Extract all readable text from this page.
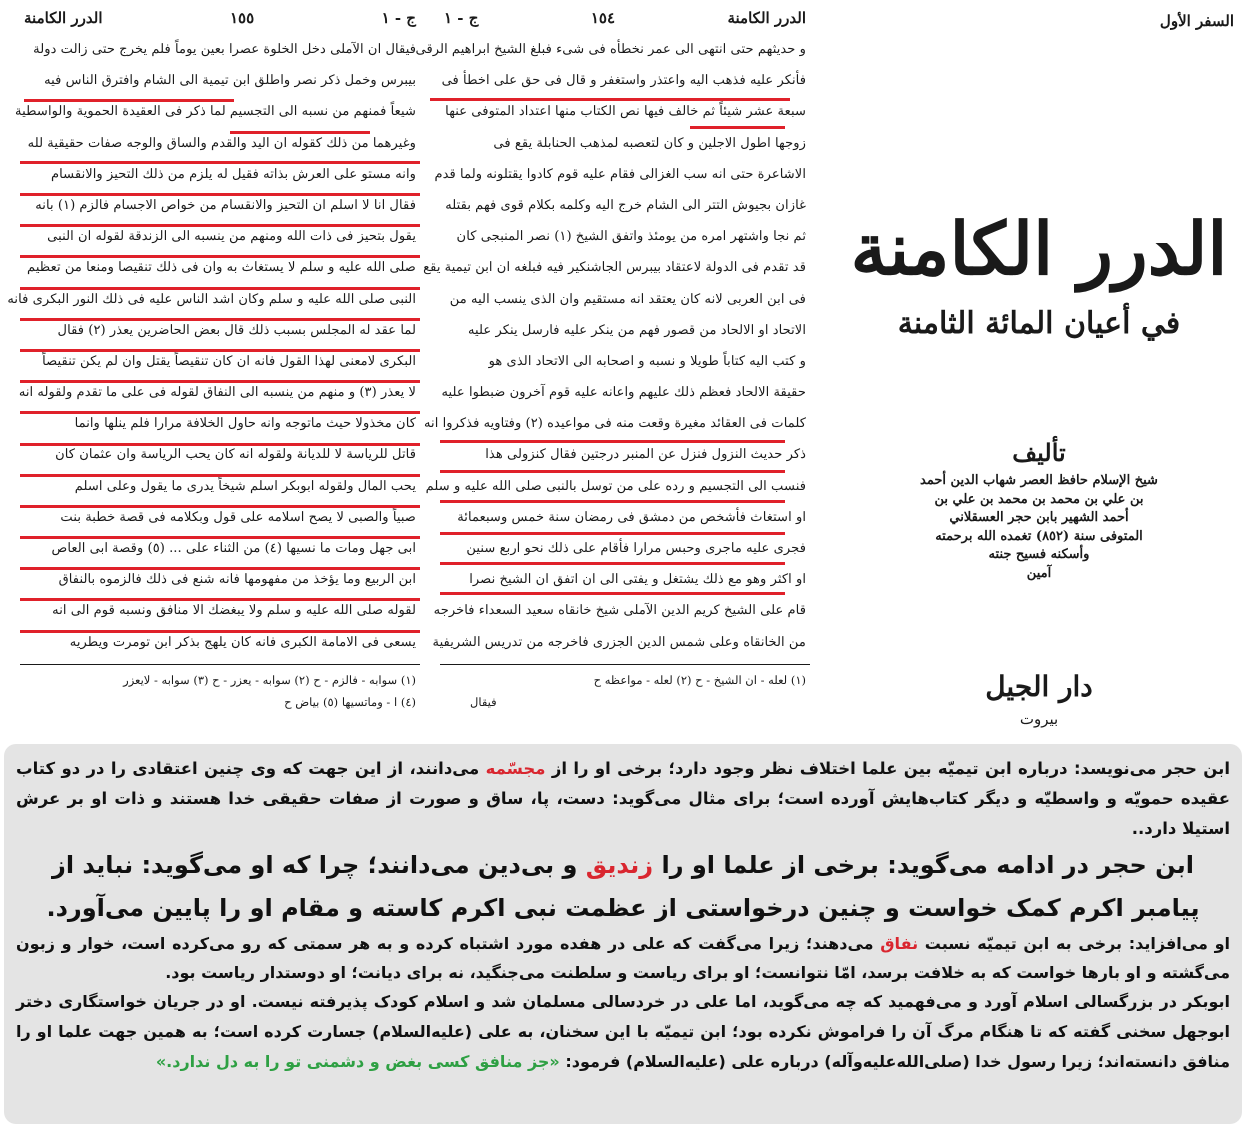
ج - ١
١٥٥
الدرر الكامنة
فيقال ان الآملى دخل الخلوة عصرا بعين يوماً فلم يخرج حتى زالت دولة
بيبرس وخمل ذكر نصر واطلق ابن تيمية الى الشام وافترق الناس فيه
شيعاً فمنهم من نسبه الى التجسيم لما ذكر فى العقيدة الحموية والواسطية
وغيرهما من ذلك كقوله ان اليد والقدم والساق والوجه صفات حقيقية لله
وانه مستو على العرش بذاته فقيل له يلزم من ذلك التحيز والانقسام
فقال انا لا اسلم ان التحيز والانقسام من خواص الاجسام فالزم (١) بانه
يقول بتحيز فى ذات الله ومنهم من ينسبه الى الزندقة لقوله ان النبى
صلى الله عليه و سلم لا يستغاث به وان فى ذلك تنقيصا ومنعا من تعظيم
النبى صلى الله عليه و سلم وكان اشد الناس عليه فى ذلك النور البكرى فانه
لما عقد له المجلس بسبب ذلك قال بعض الحاضرين يعذر (٢) فقال
البكرى لامعنى لهذا القول فانه ان كان تنقيصاً يقتل وان لم يكن تنقيصاً
لا يعذر (٣) و منهم من ينسبه الى النفاق لقوله فى على ما تقدم ولقوله انه
كان مخذولا حيث ماتوجه وانه حاول الخلافة مرارا فلم ينلها وانما
قاتل للرياسة لا للديانة ولقوله انه كان يحب الرياسة وان عثمان كان
يحب المال ولقوله ابوبكر اسلم شيخاً يدرى ما يقول وعلى اسلم
صبياً والصبى لا يصح اسلامه على قول وبكلامه فى قصة خطبة بنت
ابى جهل ومات ما نسيها (٤) من الثناء على ... (٥) وقصة ابى العاص
ابن الربيع وما يؤخذ من مفهومها فانه شنع فى ذلك فالزموه بالنفاق
لقوله صلى الله عليه و سلم ولا يبغضك الا منافق ونسبه قوم الى انه
يسعى فى الامامة الكبرى فانه كان يلهج بذكر ابن تومرت ويطريه
(١) سوابه - فالزم - ح (٢) سوابه - يعزر - ح (٣) سوابه - لايعزر
(٤) ا - وماتسيها (٥) بياض ح
الدرر الكامنة
١٥٤
ج - ١
و حديثهم حتى انتهى الى عمر نخطأه فى شىء فبلغ الشيخ ابراهيم الرقى
فأنكر عليه فذهب اليه واعتذر واستغفر و قال فى حق على اخطأ فى
سبعة عشر شيئاً ثم خالف فيها نص الكتاب منها اعتداد المتوفى عنها
زوجها اطول الاجلين و كان لتعصبه لمذهب الحنابلة يقع فى
الاشاعرة حتى انه سب الغزالى فقام عليه قوم كادوا يقتلونه ولما قدم
غازان بجيوش التتر الى الشام خرج اليه وكلمه بكلام قوى فهم بقتله
ثم نجا واشتهر امره من يومئذ واتفق الشيخ (١) نصر المنبجى كان
قد تقدم فى الدولة لاعتقاد بيبرس الجاشنكير فيه فبلغه ان ابن تيمية يقع
فى ابن العربى لانه كان يعتقد انه مستقيم وان الذى ينسب اليه من
الاتحاد او الالحاد من قصور فهم من ينكر عليه فارسل ينكر عليه
و كتب اليه كتاباً طويلا و نسبه و اصحابه الى الاتحاد الذى هو
حقيقة الالحاد فعظم ذلك عليهم واعانه عليه قوم آخرون ضبطوا عليه
كلمات فى العقائد مغيرة وقعت منه فى مواعيده (٢) وفتاويه فذكروا انه
ذكر حديث النزول فنزل عن المنبر درجتين فقال كنزولى هذا
فنسب الى التجسيم و رده على من توسل بالنبى صلى الله عليه و سلم
او استغاث فأشخص من دمشق فى رمضان سنة خمس وسبعمائة
فجرى عليه ماجرى وحبس مرارا فأقام على ذلك نحو اربع سنين
او اكثر وهو مع ذلك يشتغل و يفتى الى ان اتفق ان الشيخ نصرا
قام على الشيخ كريم الدين الآملى شيخ خانقاه سعيد السعداء فاخرجه
من الخانقاه وعلى شمس الدين الجزرى فاخرجه من تدريس الشريفية
(١) لعله - ان الشيخ - ح (٢) لعله - مواعظه ح
فيقال
السفر الأول
الدرر الكامنة
في أعيان المائة الثامنة
تأليف
شيخ الإسلام حافظ العصر شهاب الدين أحمد
بن علي بن محمد بن محمد بن علي بن
أحمد الشهير بابن حجر العسقلاني
المتوفى سنة (٨٥٢) تغمده الله برحمته
وأسكنه فسيح جنته
آمين
دار الجيل
بيروت
ابن حجر می‌نویسد: درباره ابن تیمیّه بین علما اختلاف نظر وجود دارد؛ برخی او را از مجسّمه می‌دانند، از این جهت که وی چنین اعتقادی را در دو کتاب عقیده حمویّه و واسطیّه و دیگر کتاب‌هایش آورده است؛ برای مثال می‌گوید: دست، پا، ساق و صورت از صفات حقیقی خدا هستند و ذات او بر عرش استیلا دارد..
ابن حجر در ادامه می‌گوید: برخی از علما او را زندیق و بی‌دین می‌دانند؛ چرا که او می‌گوید: نباید از پیامبر اکرم کمک خواست و چنین درخواستی از عظمت نبی اکرم کاسته و مقام او را پایین می‌آورد.
او می‌افزاید: برخی به ابن تیمیّه نسبت نفاق می‌دهند؛ زیرا می‌گفت که علی در هفده مورد اشتباه کرده و به هر سمتی که رو می‌کرده است، خوار و زبون می‌گشته و او بارها خواست که به خلافت برسد، امّا نتوانست؛ او برای ریاست و سلطنت می‌جنگید، نه برای دیانت؛ او دوستدار ریاست بود.
ابوبکر در بزرگسالی اسلام آورد و می‌فهمید که چه می‌گوید، اما علی در خردسالی مسلمان شد و اسلام کودک پذیرفته نیست. او در جریان خواستگاری دختر ابوجهل سخنی گفته که تا هنگام مرگ آن را فراموش نکرده بود؛ ابن تیمیّه با این سخنان، به علی (علیه‌السلام) جسارت کرده است؛ به همین جهت علما او را منافق دانسته‌اند؛ زیرا رسول خدا (صلی‌الله‌علیه‌وآله) درباره علی (علیه‌السلام) فرمود: «جز منافق کسی بغض و دشمنی تو را به دل ندارد.»
